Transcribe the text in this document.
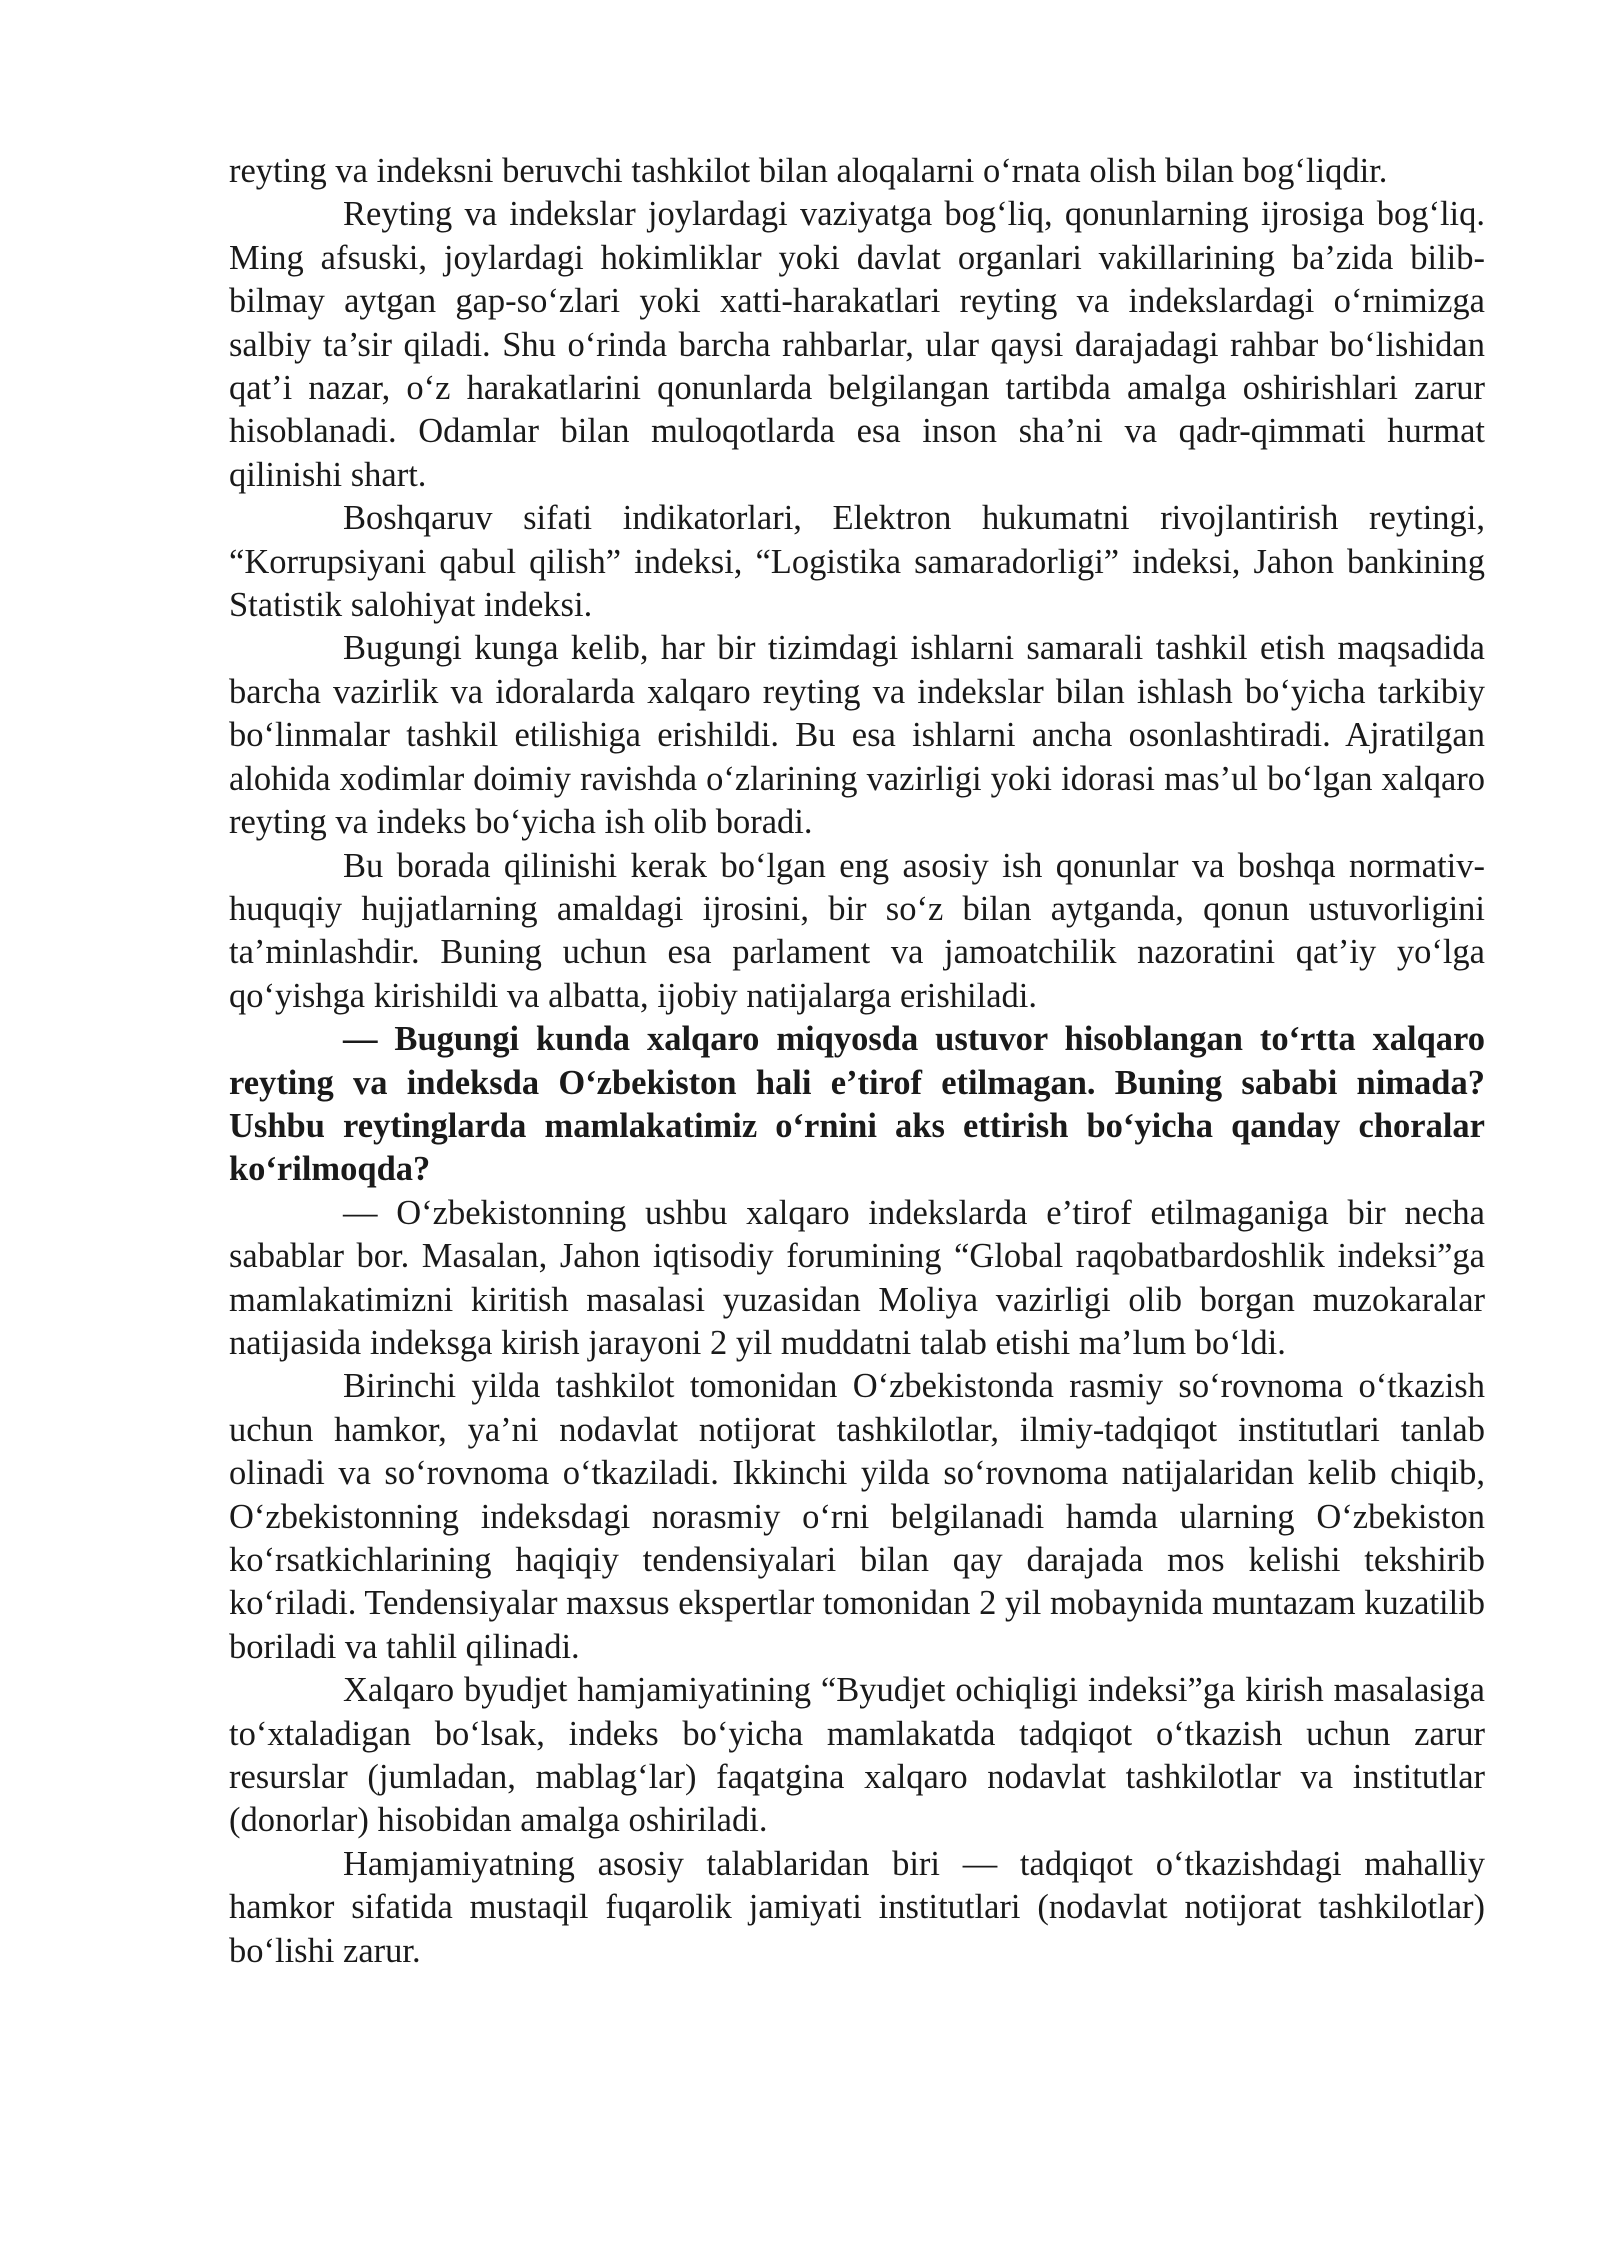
reyting va indeksni beruvchi tashkilot bilan aloqalarni o‘rnata olish bilan bog‘liqdir.

Reyting va indekslar joylardagi vaziyatga bog‘liq, qonunlarning ijrosiga bog‘liq. Ming afsuski, joylardagi hokimliklar yoki davlat organlari vakillarining ba’zida bilib-bilmay aytgan gap-so‘zlari yoki xatti-harakatlari reyting va indekslardagi o‘rnimizga salbiy ta’sir qiladi. Shu o‘rinda barcha rahbarlar, ular qaysi darajadagi rahbar bo‘lishidan qat’i nazar, o‘z harakatlarini qonunlarda belgilangan tartibda amalga oshirishlari zarur hisoblanadi. Odamlar bilan muloqotlarda esa inson sha’ni va qadr-qimmati hurmat qilinishi shart.

Boshqaruv sifati indikatorlari, Elektron hukumatni rivojlantirish reytingi, “Korrupsiyani qabul qilish” indeksi, “Logistika samaradorligi” indeksi, Jahon bankining Statistik salohiyat indeksi.

Bugungi kunga kelib, har bir tizimdagi ishlarni samarali tashkil etish maqsadida barcha vazirlik va idoralarda xalqaro reyting va indekslar bilan ishlash bo‘yicha tarkibiy bo‘linmalar tashkil etilishiga erishildi. Bu esa ishlarni ancha osonlashtiradi. Ajratilgan alohida xodimlar doimiy ravishda o‘zlarining vazirligi yoki idorasi mas’ul bo‘lgan xalqaro reyting va indeks bo‘yicha ish olib boradi.

Bu borada qilinishi kerak bo‘lgan eng asosiy ish qonunlar va boshqa normativ-huquqiy hujjatlarning amaldagi ijrosini, bir so‘z bilan aytganda, qonun ustuvorligini ta’minlashdir. Buning uchun esa parlament va jamoatchilik nazoratini qat’iy yo‘lga qo‘yishga kirishildi va albatta, ijobiy natijalarga erishiladi.

— Bugungi kunda xalqaro miqyosda ustuvor hisoblangan to‘rtta xalqaro reyting va indeksda O‘zbekiston hali e’tirof etilmagan. Buning sababi nimada? Ushbu reytinglarda mamlakatimiz o‘rnini aks ettirish bo‘yicha qanday choralar ko‘rilmoqda?

— O‘zbekistonning ushbu xalqaro indekslarda e’tirof etilmaganiga bir necha sabablar bor. Masalan, Jahon iqtisodiy forumining “Global raqobatbardoshlik indeksi”ga mamlakatimizni kiritish masalasi yuzasidan Moliya vazirligi olib borgan muzokaralar natijasida indeksga kirish jarayoni 2 yil muddatni talab etishi ma’lum bo‘ldi.

Birinchi yilda tashkilot tomonidan O‘zbekistonda rasmiy so‘rovnoma o‘tkazish uchun hamkor, ya’ni nodavlat notijorat tashkilotlar, ilmiy-tadqiqot institutlari tanlab olinadi va so‘rovnoma o‘tkaziladi. Ikkinchi yilda so‘rovnoma natijalaridan kelib chiqib, O‘zbekistonning indeksdagi norasmiy o‘rni belgilanadi hamda ularning O‘zbekiston ko‘rsatkichlarining haqiqiy tendensiyalari bilan qay darajada mos kelishi tekshirib ko‘riladi. Tendensiyalar maxsus ekspertlar tomonidan 2 yil mobaynida muntazam kuzatilib boriladi va tahlil qilinadi.

Xalqaro byudjet hamjamiyatining “Byudjet ochiqligi indeksi”ga kirish masalasiga to‘xtaladigan bo‘lsak, indeks bo‘yicha mamlakatda tadqiqot o‘tkazish uchun zarur resurslar (jumladan, mablag‘lar) faqatgina xalqaro nodavlat tashkilotlar va institutlar (donorlar) hisobidan amalga oshiriladi.

Hamjamiyatning asosiy talablaridan biri — tadqiqot o‘tkazishdagi mahalliy hamkor sifatida mustaqil fuqarolik jamiyati institutlari (nodavlat notijorat tashkilotlar) bo‘lishi zarur.
